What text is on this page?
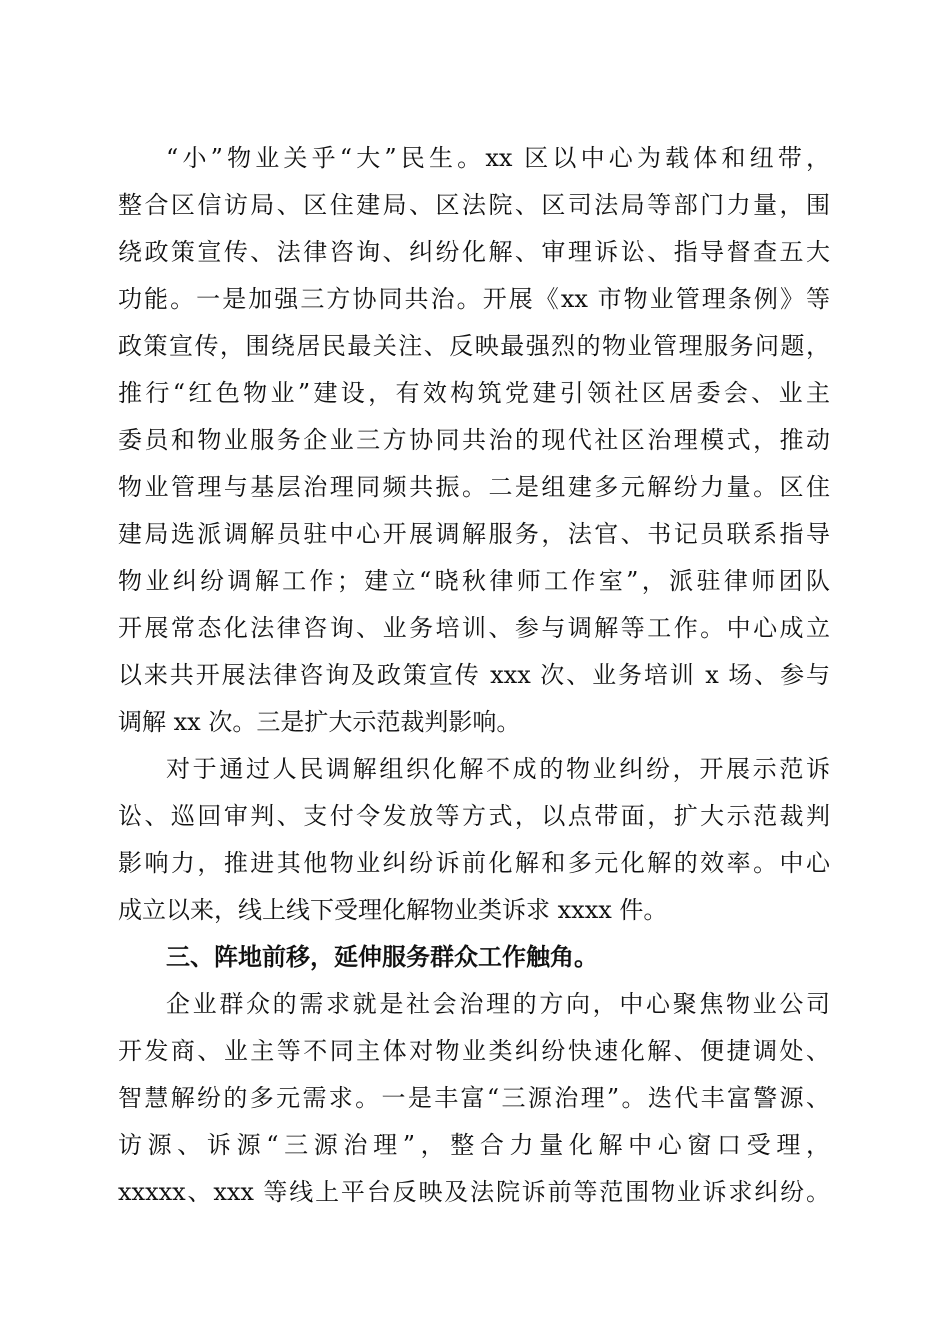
“小”物业关乎“大”民生。xx 区以中心为载体和纽带，
整合区信访局、区住建局、区法院、区司法局等部门力量，围
绕政策宣传、法律咨询、纠纷化解、审理诉讼、指导督查五大
功能。一是加强三方协同共治。开展《xx 市物业管理条例》等
政策宣传，围绕居民最关注、反映最强烈的物业管理服务问题，
推行“红色物业”建设，有效构筑党建引领社区居委会、业主
委员和物业服务企业三方协同共治的现代社区治理模式，推动
物业管理与基层治理同频共振。二是组建多元解纷力量。区住
建局选派调解员驻中心开展调解服务，法官、书记员联系指导
物业纠纷调解工作；建立“晓秋律师工作室”，派驻律师团队
开展常态化法律咨询、业务培训、参与调解等工作。中心成立
以来共开展法律咨询及政策宣传 xxx 次、业务培训 x 场、参与
调解 xx 次。三是扩大示范裁判影响。
对于通过人民调解组织化解不成的物业纠纷，开展示范诉
讼、巡回审判、支付令发放等方式，以点带面，扩大示范裁判
影响力，推进其他物业纠纷诉前化解和多元化解的效率。中心
成立以来，线上线下受理化解物业类诉求 xxxx 件。
三、阵地前移，延伸服务群众工作触角。
企业群众的需求就是社会治理的方向，中心聚焦物业公司
开发商、业主等不同主体对物业类纠纷快速化解、便捷调处、
智慧解纷的多元需求。一是丰富“三源治理”。迭代丰富警源、
访源、诉源“三源治理”，整合力量化解中心窗口受理，
xxxxx、xxx 等线上平台反映及法院诉前等范围物业诉求纠纷。
